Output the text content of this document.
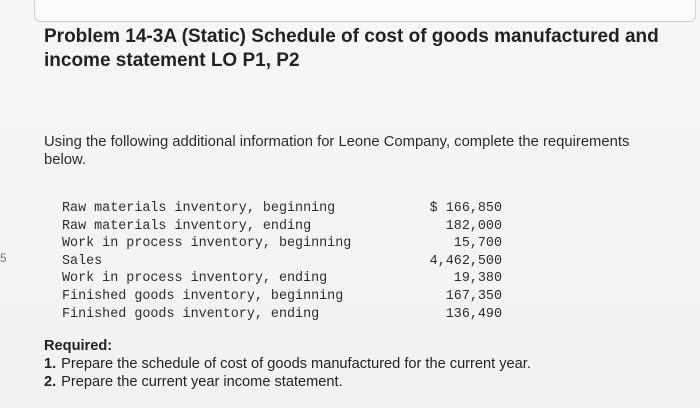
5
Problem 14-3A (Static) Schedule of cost of goods manufactured and income statement LO P1, P2

Using the following additional information for Leone Company, complete the requirements below.

Raw materials inventory, beginning	$ 166,850
Raw materials inventory, ending	182,000
Work in process inventory, beginning	15,700
Sales	4,462,500
Work in process inventory, ending	19,380
Finished goods inventory, beginning	167,350
Finished goods inventory, ending	136,490

Required:

1. Prepare the schedule of cost of goods manufactured for the current year.
2. Prepare the current year income statement.
